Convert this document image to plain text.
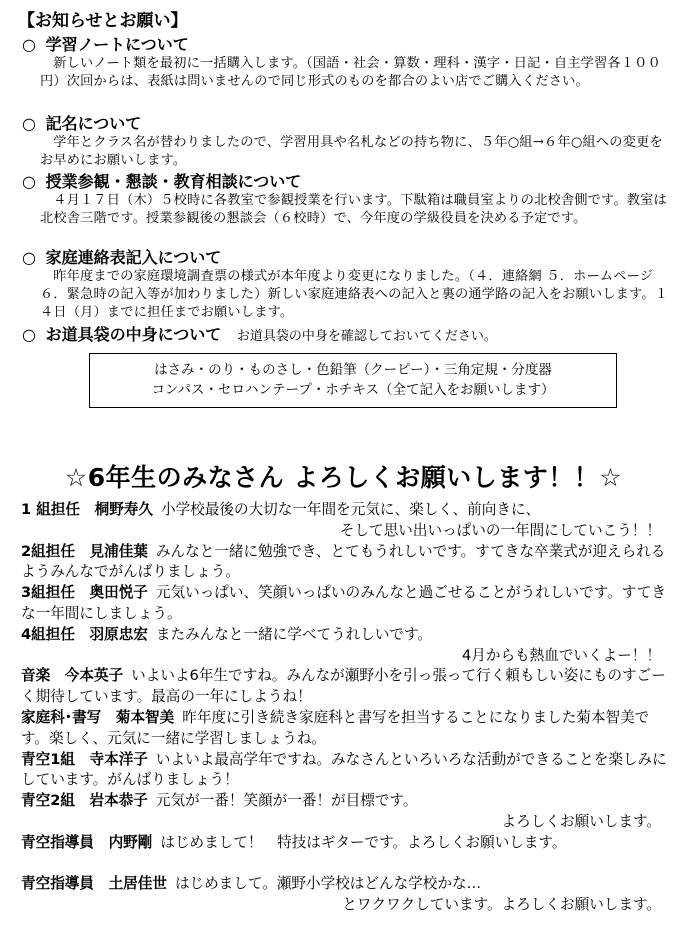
【お知らせとお願い】
○ 学習ノートについて
新しいノート類を最初に一括購入します。（国語・社会・算数・理科・漢字・日記・自主学習各１００円）次回からは、表紙は問いませんので同じ形式のものを都合のよい店でご購入ください。
○ 記名について
学年とクラス名が替わりましたので、学習用具や名札などの持ち物に、５年○組→６年○組への変更をお早めにお願いします。
○ 授業参観・懇談・教育相談について
４月１７日（木）５校時に各教室で参観授業を行います。下駄箱は職員室よりの北校舎側です。教室は北校舎三階です。授業参観後の懇談会（６校時）で、今年度の学級役員を決める予定です。
○ 家庭連絡表記入について
昨年度までの家庭環境調査票の様式が本年度より変更になりました。（４．連絡網 ５．ホームページ ６．緊急時の記入等が加わりました）新しい家庭連絡表への記入と裏の通学路の記入をお願いします。１４日（月）までに担任までお願いします。
○ お道具袋の中身について お道具袋の中身を確認しておいてください。
はさみ・のり・ものさし・色鉛筆（クーピー）・三角定規・分度器
コンパス・セロハンテープ・ホチキス（全て記入をお願いします）
☆6年生のみなさん よろしくお願いします！！☆

1 組担任　桐野寿久 小学校最後の大切な一年間を元気に、楽しく、前向きに、

そして思い出いっぱいの一年間にしていこう！！

2組担任　見浦佳葉 みんなと一緒に勉強でき、とてもうれしいです。すてきな卒業式が迎えられるようみんなでがんばりましょう。

3組担任　奥田悦子 元気いっぱい、笑顔いっぱいのみんなと過ごせることがうれしいです。すてきな一年間にしましょう。

4組担任　羽原忠宏 またみんなと一緒に学べてうれしいです。

4月からも熱血でいくよー！！

音楽　今本英子 いよいよ6年生ですね。みんなが瀬野小を引っ張って行く頼もしい姿にものすごーく期待しています。最高の一年にしようね！

家庭科･書写　菊本智美 昨年度に引き続き家庭科と書写を担当することになりました菊本智美です。楽しく、元気に一緒に学習しましょうね。

青空1組　寺本洋子 いよいよ最高学年ですね。みなさんといろいろな活動ができることを楽しみにしています。がんばりましょう！

青空2組　岩本恭子 元気が一番！笑顔が一番！が目標です。

よろしくお願いします。

青空指導員　内野剛 はじめまして！　特技はギターです。よろしくお願いします。

青空指導員　土居佳世 はじめまして。瀬野小学校はどんな学校かな…

とワクワクしています。よろしくお願いします。
